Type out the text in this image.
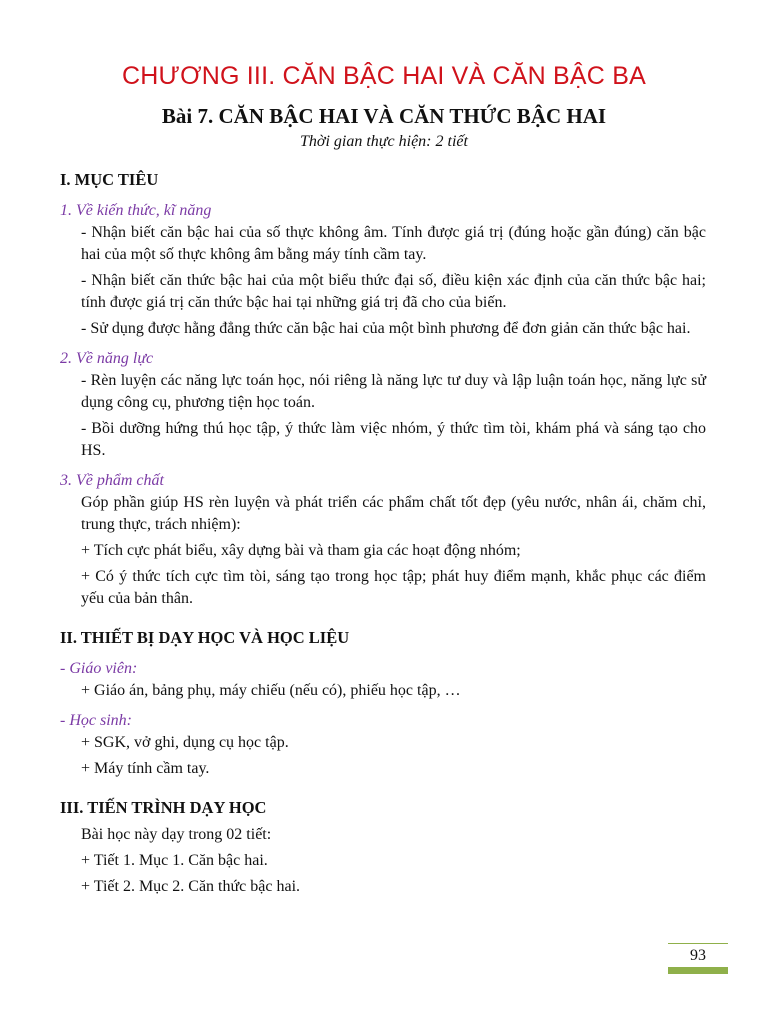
CHƯƠNG III. CĂN BẬC HAI VÀ CĂN BẬC BA
Bài 7. CĂN BẬC HAI VÀ CĂN THỨC BẬC HAI
Thời gian thực hiện: 2 tiết
I. MỤC TIÊU
1. Về kiến thức, kĩ năng

- Nhận biết căn bậc hai của số thực không âm. Tính được giá trị (đúng hoặc gần đúng) căn bậc hai của một số thực không âm bằng máy tính cầm tay.

- Nhận biết căn thức bậc hai của một biểu thức đại số, điều kiện xác định của căn thức bậc hai; tính được giá trị căn thức bậc hai tại những giá trị đã cho của biến.

- Sử dụng được hằng đẳng thức căn bậc hai của một bình phương để đơn giản căn thức bậc hai.

2. Về năng lực

- Rèn luyện các năng lực toán học, nói riêng là năng lực tư duy và lập luận toán học, năng lực sử dụng công cụ, phương tiện học toán.

- Bồi dưỡng hứng thú học tập, ý thức làm việc nhóm, ý thức tìm tòi, khám phá và sáng tạo cho HS.

3. Về phẩm chất

Góp phần giúp HS rèn luyện và phát triển các phẩm chất tốt đẹp (yêu nước, nhân ái, chăm chỉ, trung thực, trách nhiệm):

+ Tích cực phát biểu, xây dựng bài và tham gia các hoạt động nhóm;

+ Có ý thức tích cực tìm tòi, sáng tạo trong học tập; phát huy điểm mạnh, khắc phục các điểm yếu của bản thân.

II. THIẾT BỊ DẠY HỌC VÀ HỌC LIỆU
- Giáo viên:

+ Giáo án, bảng phụ, máy chiếu (nếu có), phiếu học tập, …

- Học sinh:

+ SGK, vở ghi, dụng cụ học tập.

+ Máy tính cầm tay.

III. TIẾN TRÌNH DẠY HỌC

Bài học này dạy trong 02 tiết:

+ Tiết 1. Mục 1. Căn bậc hai.

+ Tiết 2. Mục 2. Căn thức bậc hai.

93
